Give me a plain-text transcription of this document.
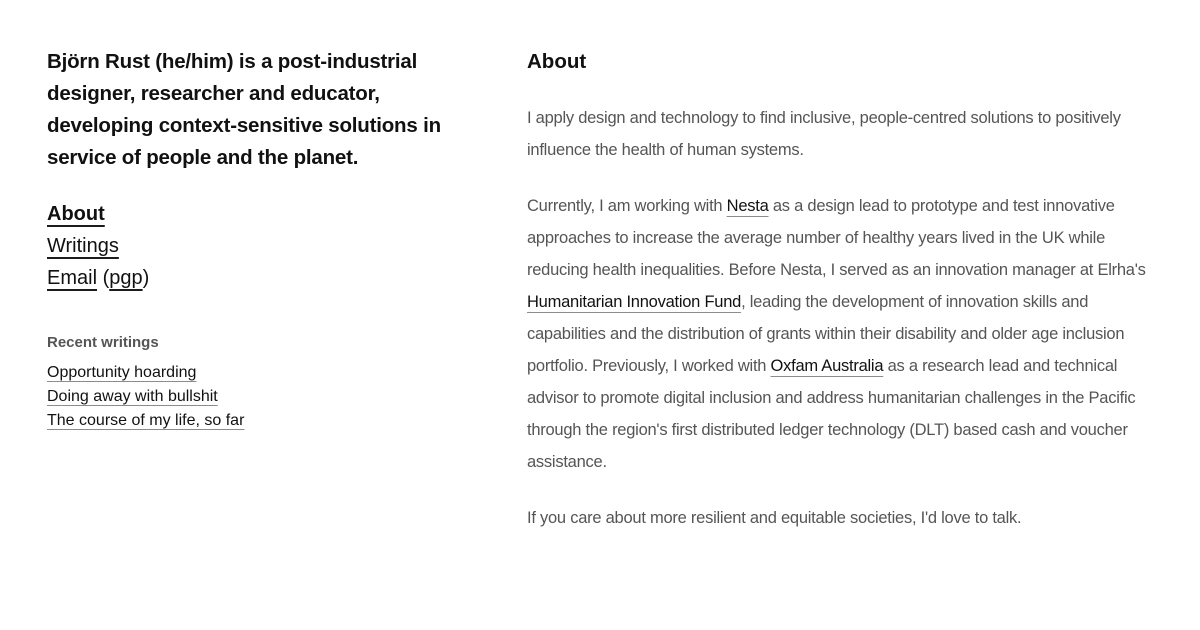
Björn Rust (he/him) is a post-industrial designer, researcher and educator, developing context-sensitive solutions in service of people and the planet.
About
Writings
Email (pgp)
Recent writings
Opportunity hoarding
Doing away with bullshit
The course of my life, so far
About

I apply design and technology to find inclusive, people-centred solutions to positively influence the health of human systems.

Currently, I am working with Nesta as a design lead to prototype and test innovative approaches to increase the average number of healthy years lived in the UK while reducing health inequalities. Before Nesta, I served as an innovation manager at Elrha's Humanitarian Innovation Fund, leading the development of innovation skills and capabilities and the distribution of grants within their disability and older age inclusion portfolio. Previously, I worked with Oxfam Australia as a research lead and technical advisor to promote digital inclusion and address humanitarian challenges in the Pacific through the region's first distributed ledger technology (DLT) based cash and voucher assistance.

If you care about more resilient and equitable societies, I'd love to talk.
